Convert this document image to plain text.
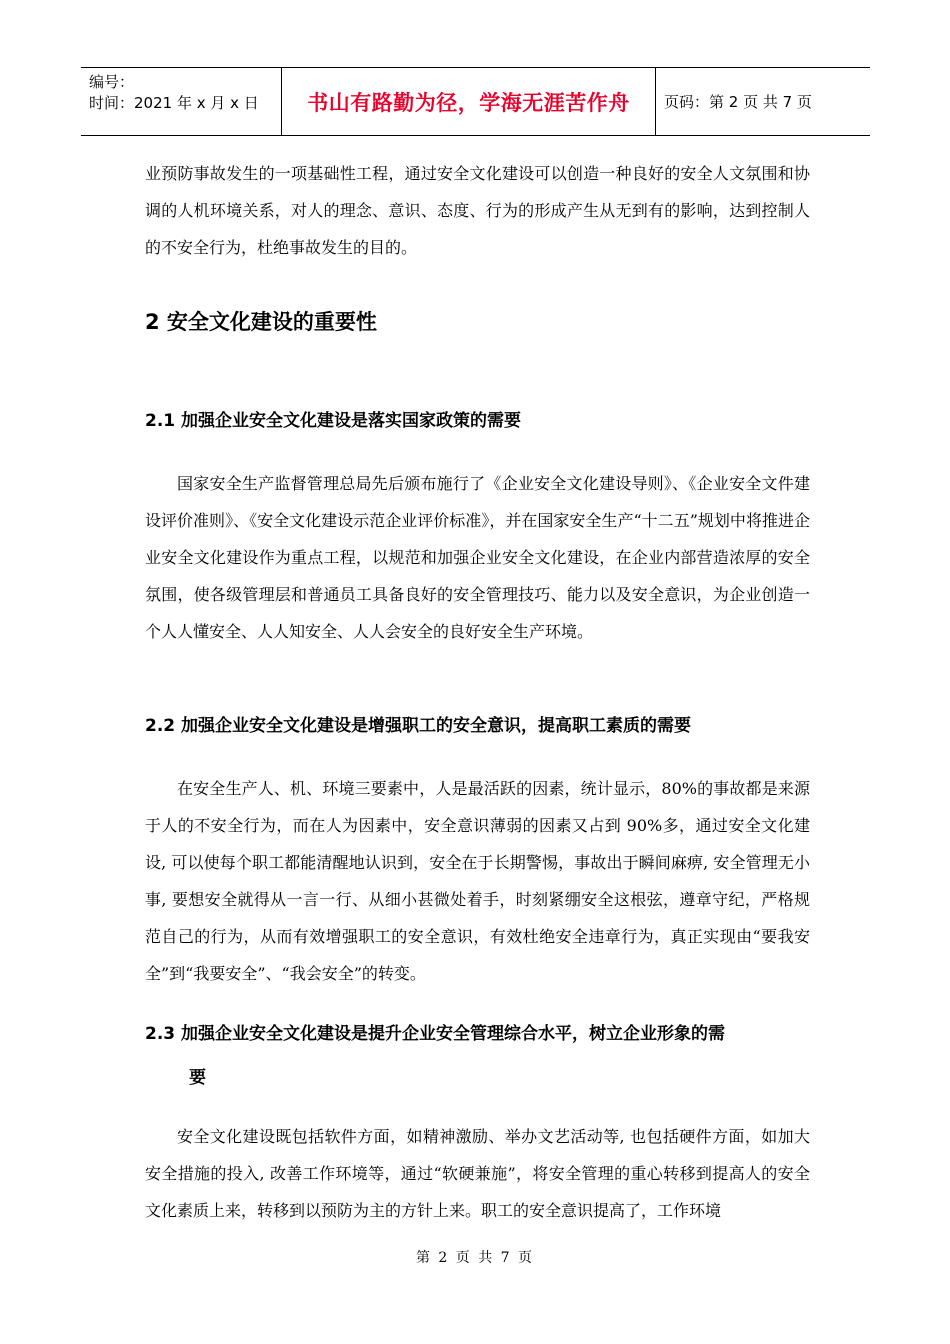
编号：
时间：2021 年 x 月 x 日	书山有路勤为径，学海无涯苦作舟	页码：第 2 页 共 7 页

业预防事故发生的一项基础性工程，通过安全文化建设可以创造一种良好的安全人文氛围和协调的人机环境关系，对人的理念、意识、态度、行为的形成产生从无到有的影响，达到控制人的不安全行为，杜绝事故发生的目的。

2 安全文化建设的重要性
2.1 加强企业安全文化建设是落实国家政策的需要

国家安全生产监督管理总局先后颁布施行了《企业安全文化建设导则》、《企业安全文件建设评价准则》、《安全文化建设示范企业评价标准》，并在国家安全生产“十二五”规划中将推进企业安全文化建设作为重点工程，以规范和加强企业安全文化建设，在企业内部营造浓厚的安全氛围，使各级管理层和普通员工具备良好的安全管理技巧、能力以及安全意识，为企业创造一个人人懂安全、人人知安全、人人会安全的良好安全生产环境。

2.2 加强企业安全文化建设是增强职工的安全意识，提高职工素质的需要

在安全生产人、机、环境三要素中，人是最活跃的因素，统计显示，80%的事故都是来源于人的不安全行为，而在人为因素中，安全意识薄弱的因素又占到 90%多，通过安全文化建设, 可以使每个职工都能清醒地认识到，安全在于长期警惕，事故出于瞬间麻痹, 安全管理无小事, 要想安全就得从一言一行、从细小甚微处着手，时刻紧绷安全这根弦，遵章守纪，严格规范自己的行为，从而有效增强职工的安全意识，有效杜绝安全违章行为，真正实现由“要我安全”到“我要安全”、“我会安全”的转变。

2.3 加强企业安全文化建设是提升企业安全管理综合水平，树立企业形象的需
要

安全文化建设既包括软件方面，如精神激励、举办文艺活动等, 也包括硬件方面，如加大安全措施的投入, 改善工作环境等，通过“软硬兼施”，将安全管理的重心转移到提高人的安全文化素质上来，转移到以预防为主的方针上来。职工的安全意识提高了，工作环境

第 2 页 共 7 页
